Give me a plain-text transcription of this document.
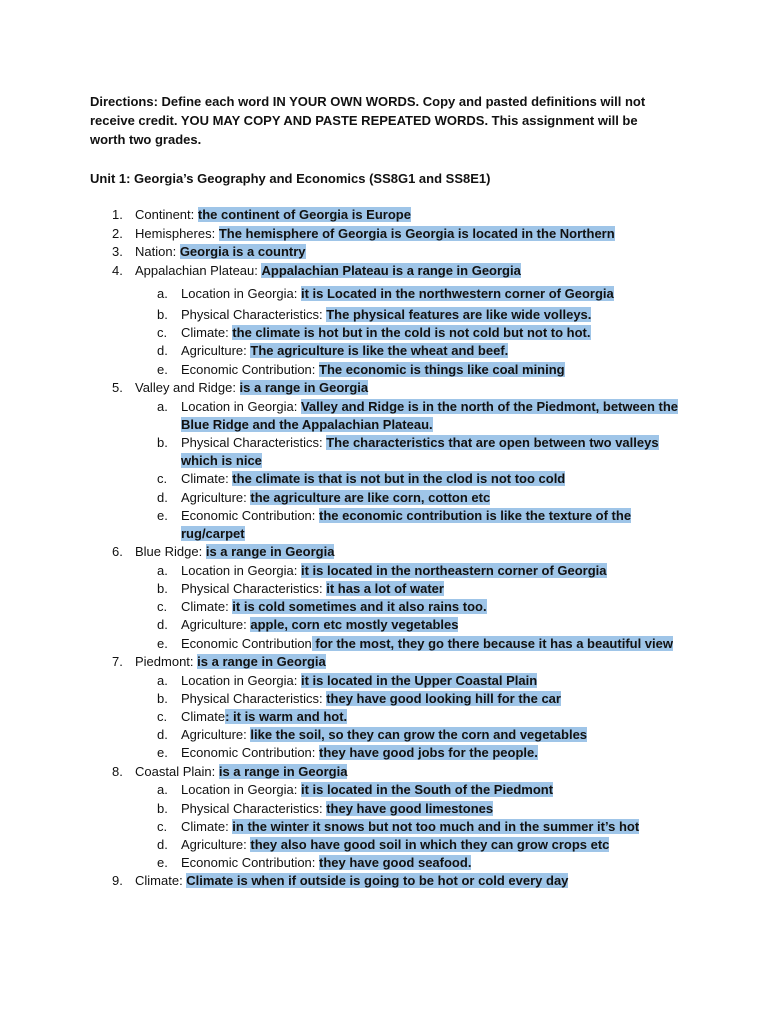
Directions: Define each word IN YOUR OWN WORDS. Copy and pasted definitions will not receive credit. YOU MAY COPY AND PASTE REPEATED WORDS. This assignment will be worth two grades.

Unit 1: Georgia’s Geography and Economics (SS8G1 and SS8E1)

1. Continent: the continent of Georgia is Europe
2. Hemispheres: The hemisphere of Georgia is Georgia is located in the Northern
3. Nation: Georgia is a country
4. Appalachian Plateau: Appalachian Plateau is a range in Georgia
a. Location in Georgia: it is Located in the northwestern corner of Georgia
b. Physical Characteristics: The physical features are like wide volleys.
c. Climate: the climate is hot but in the cold is not cold but not to hot.
d. Agriculture: The agriculture is like the wheat and beef.
e. Economic Contribution: The economic is things like coal mining
5. Valley and Ridge: is a range in Georgia
a. Location in Georgia: Valley and Ridge is in the north of the Piedmont, between the Blue Ridge and the Appalachian Plateau.
b. Physical Characteristics: The characteristics that are open between two valleys which is nice
c. Climate: the climate is that is not but in the clod is not too cold
d. Agriculture: the agriculture are like corn, cotton etc
e. Economic Contribution: the economic contribution is like the texture of the rug/carpet
6. Blue Ridge: is a range in Georgia
a. Location in Georgia: it is located in the northeastern corner of Georgia
b. Physical Characteristics: it has a lot of water
c. Climate: it is cold sometimes and it also rains too.
d. Agriculture: apple, corn etc mostly vegetables
e. Economic Contribution for the most, they go there because it has a beautiful view
7. Piedmont: is a range in Georgia
a. Location in Georgia: it is located in the Upper Coastal Plain
b. Physical Characteristics: they have good looking hill for the car
c. Climate: it is warm and hot.
d. Agriculture: like the soil, so they can grow the corn and vegetables
e. Economic Contribution: they have good jobs for the people.
8. Coastal Plain: is a range in Georgia
a. Location in Georgia: it is located in the South of the Piedmont
b. Physical Characteristics: they have good limestones
c. Climate: in the winter it snows but not too much and in the summer it’s hot
d. Agriculture: they also have good soil in which they can grow crops etc
e. Economic Contribution: they have good seafood.
9. Climate: Climate is when if outside is going to be hot or cold every day
